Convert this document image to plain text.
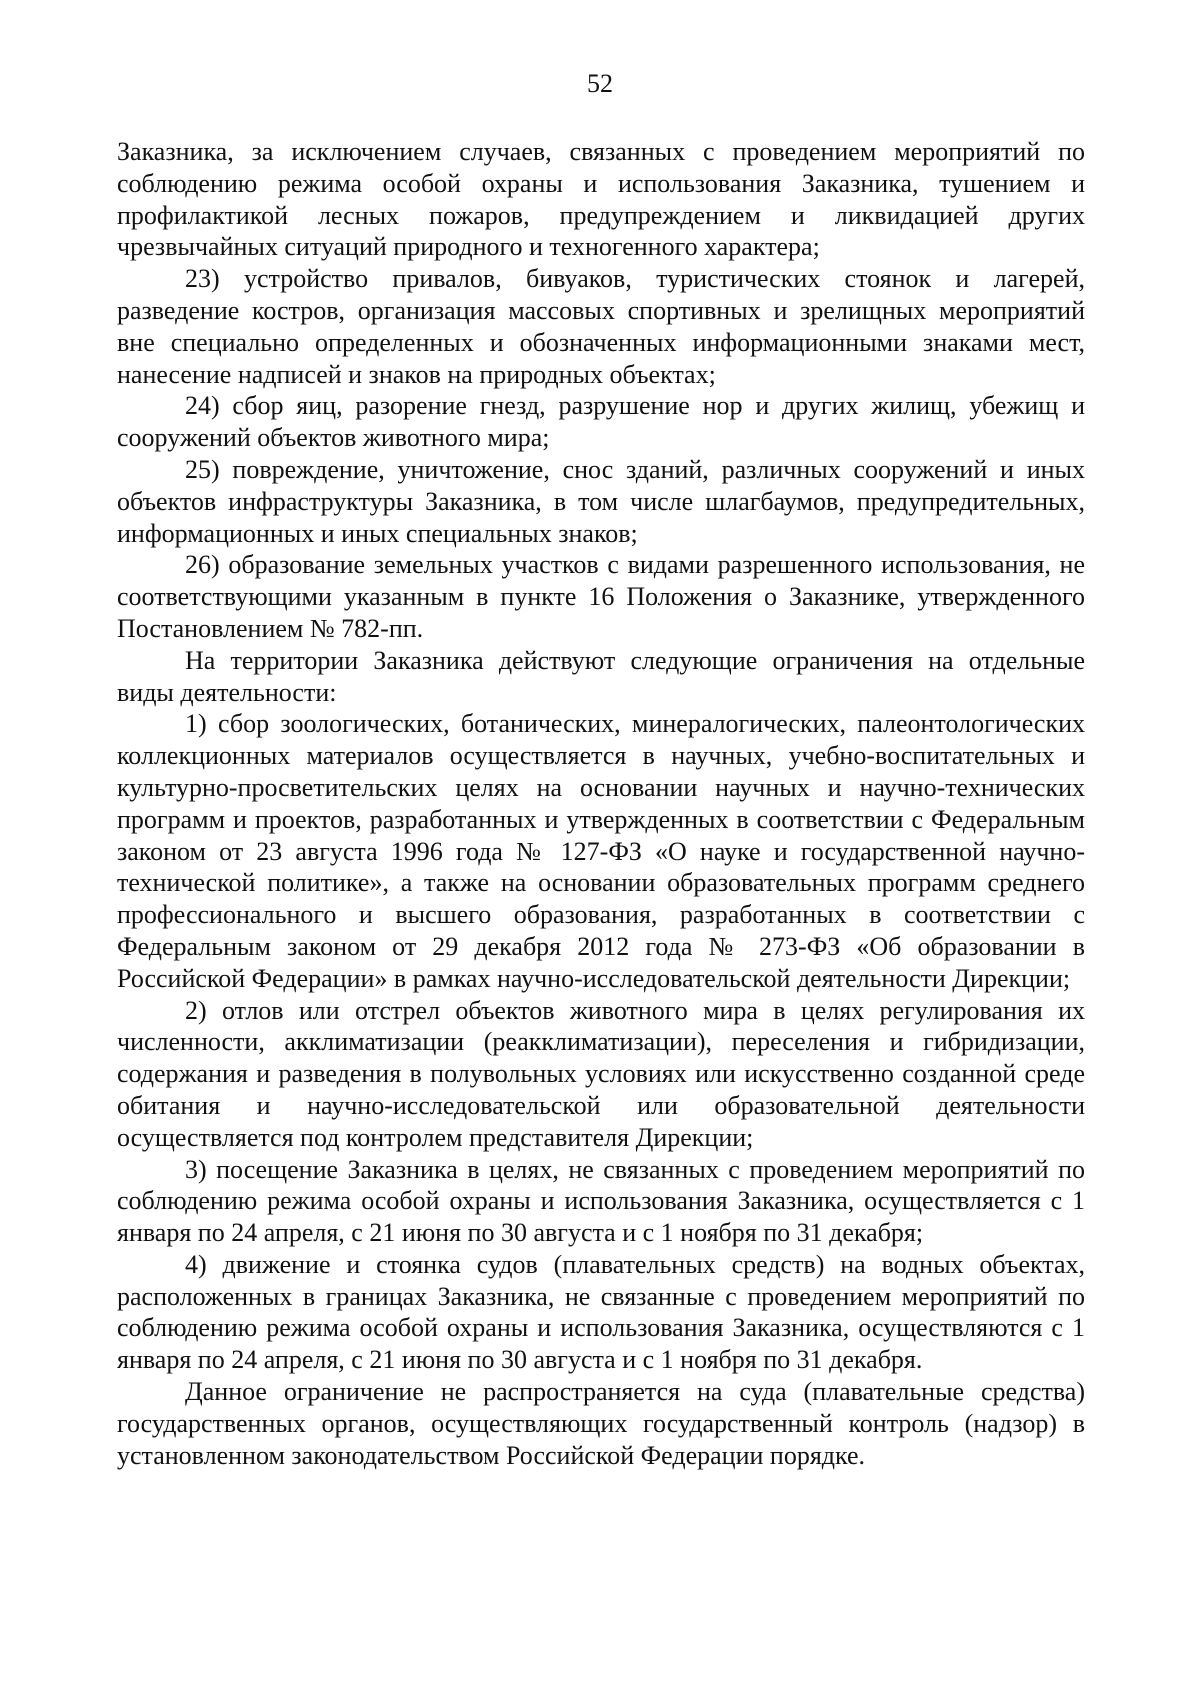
52

Заказника, за исключением случаев, связанных с проведением мероприятий по соблюдению режима особой охраны и использования Заказника, тушением и профилактикой лесных пожаров, предупреждением и ликвидацией других чрезвычайных ситуаций природного и техногенного характера;

23) устройство привалов, бивуаков, туристических стоянок и лагерей, разведение костров, организация массовых спортивных и зрелищных мероприятий вне специально определенных и обозначенных информационными знаками мест, нанесение надписей и знаков на природных объектах;

24) сбор яиц, разорение гнезд, разрушение нор и других жилищ, убежищ и сооружений объектов животного мира;

25) повреждение, уничтожение, снос зданий, различных сооружений и иных объектов инфраструктуры Заказника, в том числе шлагбаумов, предупредительных, информационных и иных специальных знаков;

26) образование земельных участков с видами разрешенного использования, не соответствующими указанным в пункте 16 Положения о Заказнике, утвержденного Постановлением № 782-пп.

На территории Заказника действуют следующие ограничения на отдельные виды деятельности:

1) сбор зоологических, ботанических, минералогических, палеонтологических коллекционных материалов осуществляется в научных, учебно-воспитательных и культурно-просветительских целях на основании научных и научно-технических программ и проектов, разработанных и утвержденных в соответствии с Федеральным законом от 23 августа 1996 года № 127-ФЗ «О науке и государственной научно-технической политике», а также на основании образовательных программ среднего профессионального и высшего образования, разработанных в соответствии с Федеральным законом от 29 декабря 2012 года № 273-ФЗ «Об образовании в Российской Федерации» в рамках научно-исследовательской деятельности Дирекции;

2) отлов или отстрел объектов животного мира в целях регулирования их численности, акклиматизации (реакклиматизации), переселения и гибридизации, содержания и разведения в полувольных условиях или искусственно созданной среде обитания и научно-исследовательской или образовательной деятельности осуществляется под контролем представителя Дирекции;

3) посещение Заказника в целях, не связанных с проведением мероприятий по соблюдению режима особой охраны и использования Заказника, осуществляется с 1 января по 24 апреля, с 21 июня по 30 августа и с 1 ноября по 31 декабря;

4) движение и стоянка судов (плавательных средств) на водных объектах, расположенных в границах Заказника, не связанные с проведением мероприятий по соблюдению режима особой охраны и использования Заказника, осуществляются с 1 января по 24 апреля, с 21 июня по 30 августа и с 1 ноября по 31 декабря.

Данное ограничение не распространяется на суда (плавательные средства) государственных органов, осуществляющих государственный контроль (надзор) в установленном законодательством Российской Федерации порядке.
